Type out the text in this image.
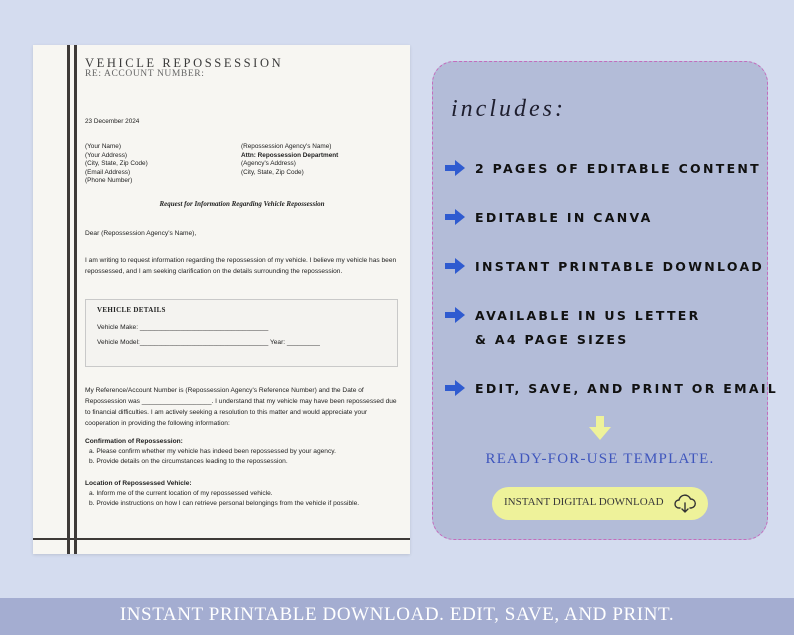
VEHICLE REPOSSESSION
RE: ACCOUNT NUMBER:
23 December 2024
(Your Name)
(Your Address)
(City, State, Zip Code)
(Email Address)
(Phone Number)
(Repossession Agency's Name)
Attn: Repossession Department
(Agency's Address)
(City, State, Zip Code)
Request for Information Regarding Vehicle Repossession
Dear (Repossession Agency's Name),
I am writing to request information regarding the repossession of my vehicle. I believe my vehicle has been repossessed, and I am seeking clarification on the details surrounding the repossession.
VEHICLE DETAILS
Vehicle Make: ___________________________________
Vehicle Model:___________________________________ Year: _________
My Reference/Account Number is (Repossession Agency's Reference Number) and the Date of Repossession was ___________________. I understand that my vehicle may have been repossessed due to financial difficulties. I am actively seeking a resolution to this matter and would appreciate your cooperation in providing the following information:
Confirmation of Repossession:
a. Please confirm whether my vehicle has indeed been repossessed by your agency.
b. Provide details on the circumstances leading to the repossession.
Location of Repossessed Vehicle:
a. Inform me of the current location of my repossessed vehicle.
b. Provide instructions on how I can retrieve personal belongings from the vehicle if possible.
includes:
2 PAGES OF EDITABLE CONTENT
EDITABLE IN CANVA
INSTANT PRINTABLE DOWNLOAD
AVAILABLE IN US LETTER
& A4 PAGE SIZES
EDIT, SAVE, AND PRINT OR EMAIL
READY-FOR-USE TEMPLATE.
INSTANT DIGITAL DOWNLOAD
INSTANT PRINTABLE DOWNLOAD. EDIT, SAVE, AND PRINT.
